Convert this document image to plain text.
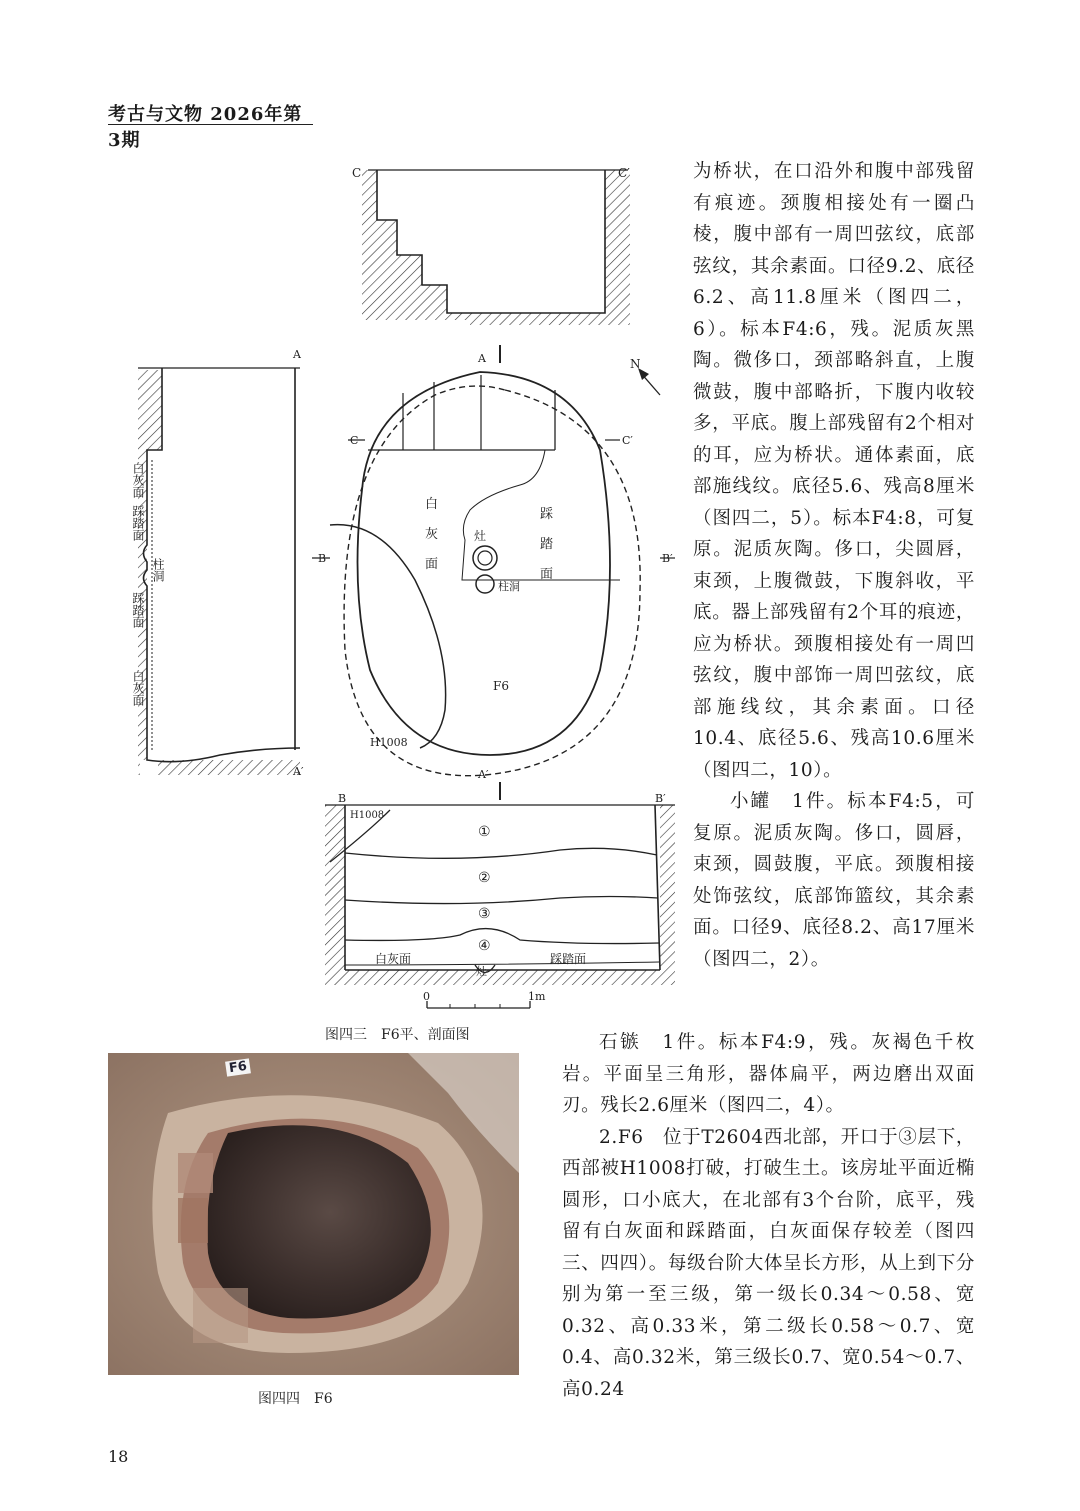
考古与文物 2026年第3期
C	C′
N
A
A′
白灰面
踩踏面
柱洞
踩踏面
白灰面
A
A′
B	B′
C	C′
白
灰
面
踩
踏
面
灶
柱洞
F6
H1008
B	B′
H1008
①
②
③
④
白灰面
灶
踩踏面
0	1m
图四三　F6平、剖面图
F6
图四四　F6

为桥状，在口沿外和腹中部残留有痕迹。颈腹相接处有一圈凸棱，腹中部有一周凹弦纹，底部弦纹，其余素面。口径9.2、底径6.2、高11.8厘米（图四二，6）。标本F4:6，残。泥质灰黑陶。微侈口，颈部略斜直，上腹微鼓，腹中部略折，下腹内收较多，平底。腹上部残留有2个相对的耳，应为桥状。通体素面，底部施线纹。底径5.6、残高8厘米（图四二，5）。标本F4:8，可复原。泥质灰陶。侈口，尖圆唇，束颈，上腹微鼓，下腹斜收，平底。器上部残留有2个耳的痕迹，应为桥状。颈腹相接处有一周凹弦纹，腹中部饰一周凹弦纹，底部施线纹，其余素面。口径10.4、底径5.6、残高10.6厘米（图四二，10）。

小罐　1件。标本F4:5，可复原。泥质灰陶。侈口，圆唇，束颈，圆鼓腹，平底。颈腹相接处饰弦纹，底部饰篮纹，其余素面。口径9、底径8.2、高17厘米（图四二，2）。

石镞　1件。标本F4:9，残。灰褐色千枚岩。平面呈三角形，器体扁平，两边磨出双面刃。残长2.6厘米（图四二，4）。

2.F6　位于T2604西北部，开口于③层下，西部被H1008打破，打破生土。该房址平面近椭圆形，口小底大，在北部有3个台阶，底平，残留有白灰面和踩踏面，白灰面保存较差（图四三、四四）。每级台阶大体呈长方形，从上到下分别为第一至三级，第一级长0.34～0.58、宽0.32、高0.33米，第二级长0.58～0.7、宽0.4、高0.32米，第三级长0.7、宽0.54～0.7、高0.24

18
